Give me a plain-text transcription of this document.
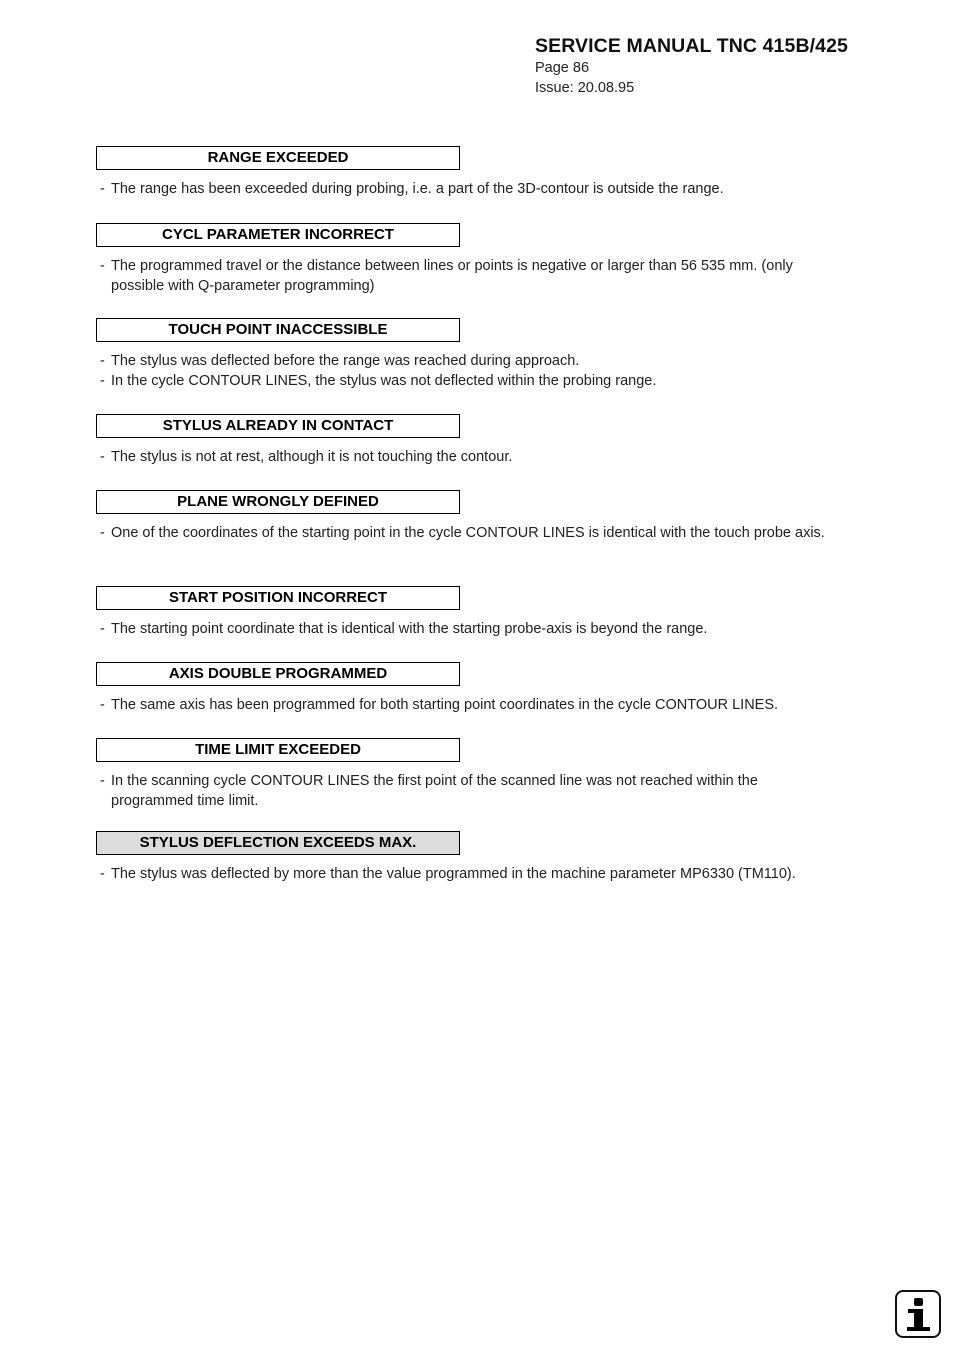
SERVICE MANUAL TNC 415B/425
Page 86
Issue: 20.08.95
RANGE EXCEEDED
- The range has been exceeded during probing, i.e. a part of the 3D-contour is outside the range.
CYCL PARAMETER INCORRECT
- The programmed travel or the distance between lines or points is negative or larger than 56 535 mm. (only possible with Q-parameter programming)
TOUCH POINT INACCESSIBLE
- The stylus was deflected before the range was reached during approach.
- In the cycle CONTOUR LINES, the stylus was not deflected within the probing range.
STYLUS ALREADY IN CONTACT
- The stylus is not at rest, although it is not touching the contour.
PLANE WRONGLY DEFINED
- One of the coordinates of the starting point in the cycle CONTOUR LINES is identical with the touch probe axis.
START POSITION INCORRECT
- The starting point coordinate that is identical with the starting probe-axis is beyond the range.
AXIS DOUBLE PROGRAMMED
- The same axis has been programmed for both starting point coordinates in the cycle CONTOUR LINES.
TIME LIMIT EXCEEDED
- In the scanning cycle CONTOUR LINES the first point of the scanned line was not reached within the programmed time limit.
STYLUS DEFLECTION EXCEEDS MAX.
- The stylus was deflected by more than the value programmed in the machine parameter MP6330 (TM110).
